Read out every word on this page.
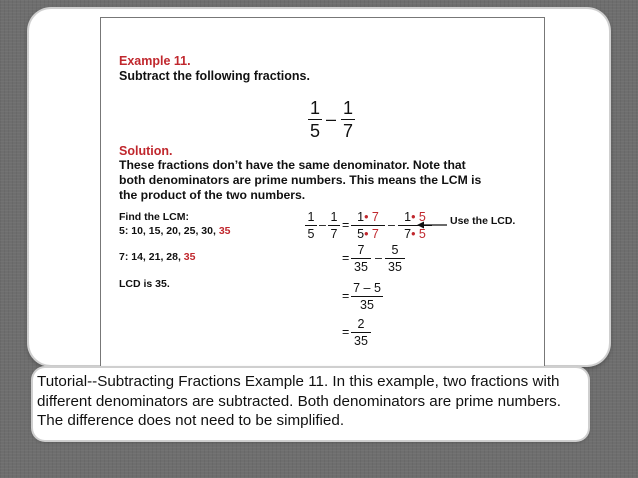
Example 11.
Subtract the following fractions.
1
5
–
1
7
Solution.
These fractions don’t have the same denominator. Note that
both denominators are prime numbers. This means the LCM is
the product of the two numbers.
Find the LCM:
5: 10, 15, 20, 25, 30, 35
7: 14, 21, 28, 35
LCD is 35.
1
5
–
1
7
=
1• 7
5• 7
–
1• 5
7• 5
Use the LCD.
=
7
35
–
5
35
=
7 – 5
35
=
2
35
Tutorial--Subtracting Fractions Example 11. In this example, two fractions with different denominators are subtracted. Both denominators are prime numbers. The difference does not need to be simplified.
